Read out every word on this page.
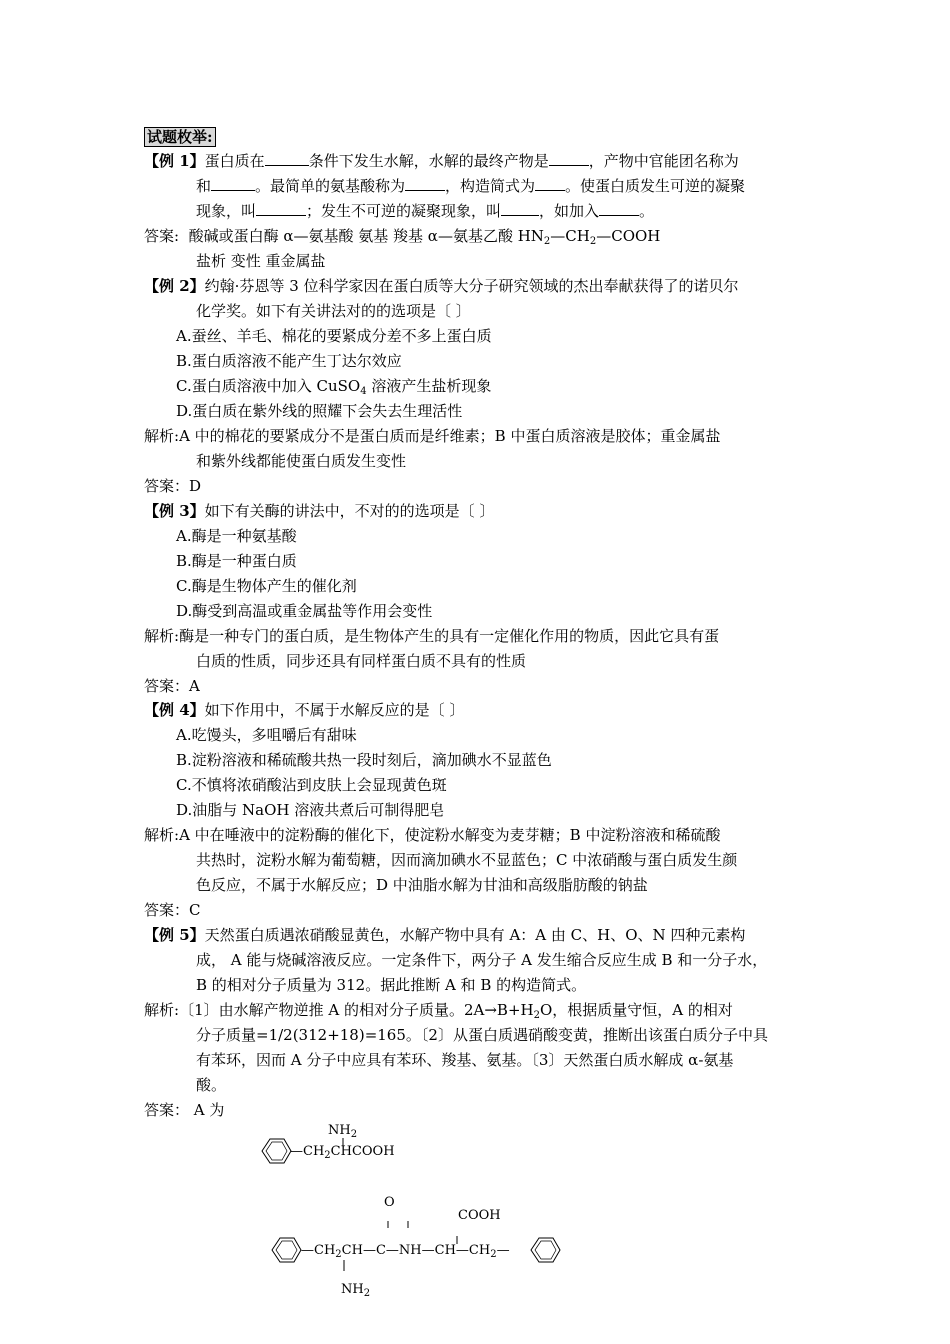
试题枚举:
【例 1】蛋白质在	条件下发生水解，水解的最终产物是	，产物中官能团名称为
和	。最简单的氨基酸称为	，构造简式为 。使蛋白质发生可逆的凝聚
现象，叫	；发生不可逆的凝聚现象，叫	，如加入	。
答案: 酸碱或蛋白酶 α—氨基酸 氨基 羧基 α—氨基乙酸 $HN_2—CH_2—COOH$
盐析 变性 重金属盐
【例 2】约翰·芬恩等 3 位科学家因在蛋白质等大分子研究领域的杰出奉献获得了的诺贝尔
化学奖。如下有关讲法对的的选项是〔 〕
A.蚕丝、羊毛、棉花的要紧成分差不多上蛋白质
B.蛋白质溶液不能产生丁达尔效应
C.蛋白质溶液中加入 CuSO$_4$ 溶液产生盐析现象
D.蛋白质在紫外线的照耀下会失去生理活性
解析:A 中的棉花的要紧成分不是蛋白质而是纤维素；B 中蛋白质溶液是胶体；重金属盐
和紫外线都能使蛋白质发生变性
答案：D
【例 3】如下有关酶的讲法中，不对的的选项是〔 〕
A.酶是一种氨基酸
B.酶是一种蛋白质
C.酶是生物体产生的催化剂
D.酶受到高温或重金属盐等作用会变性
解析:酶是一种专门的蛋白质，是生物体产生的具有一定催化作用的物质，因此它具有蛋
白质的性质，同步还具有同样蛋白质不具有的性质
答案：A
【例 4】如下作用中，不属于水解反应的是〔 〕
A.吃馒头，多咀嚼后有甜味
B.淀粉溶液和稀硫酸共热一段时刻后，滴加碘水不显蓝色
C.不慎将浓硝酸沾到皮肤上会显现黄色斑
D.油脂与 NaOH 溶液共煮后可制得肥皂
解析:A 中在唾液中的淀粉酶的催化下，使淀粉水解变为麦芽糖；B 中淀粉溶液和稀硫酸
共热时，淀粉水解为葡萄糖，因而滴加碘水不显蓝色；C 中浓硝酸与蛋白质发生颜
色反应，不属于水解反应；D 中油脂水解为甘油和高级脂肪酸的钠盐
答案：C
【例 5】天然蛋白质遇浓硝酸显黄色，水解产物中具有 A：A 由 C、H、O、N 四种元素构
成， A 能与烧碱溶液反应。一定条件下，两分子 A 发生缩合反应生成 B 和一分子水，
B 的相对分子质量为 312。据此推断 A 和 B 的构造简式。
解析:〔1〕由水解产物逆推 A 的相对分子质量。$2A\to B+H_2O$，根据质量守恒，A 的相对
分子质量=1/2(312+18)=165。〔2〕从蛋白质遇硝酸变黄，推断出该蛋白质分子中具
有苯环，因而 A 分子中应具有苯环、羧基、氨基。〔3〕天然蛋白质水解成 α-氨基
酸。
答案： A 为
$NH_2$
$—CH_2CHCOOH$
O
COOH
$—CH_2CH—C—NH—CH—CH_2—$
$NH_2$
